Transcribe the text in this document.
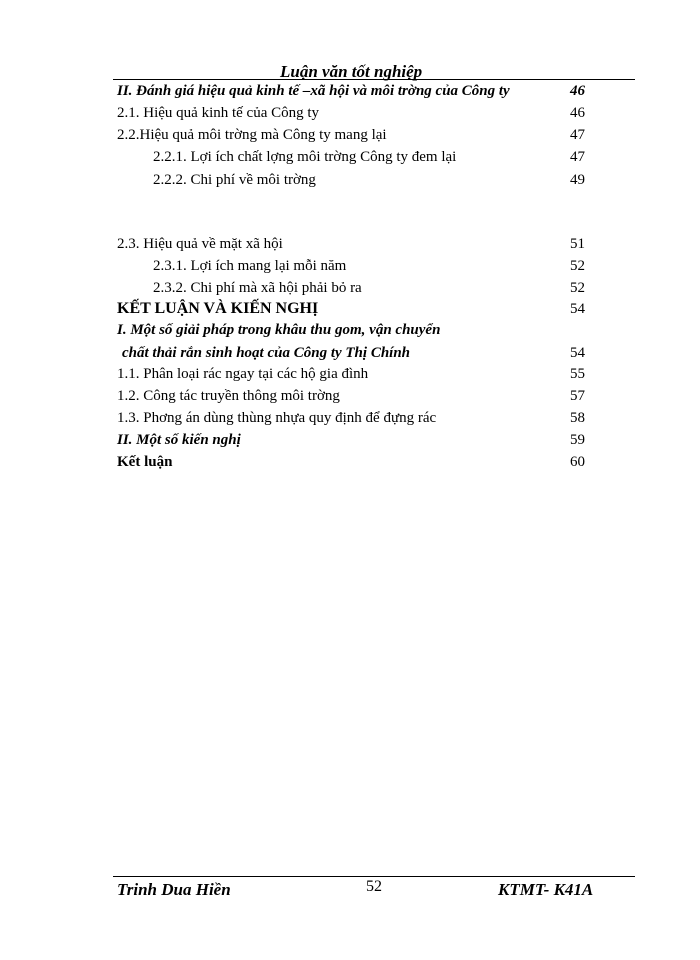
Luận văn tốt nghiệp
II. Đánh giá hiệu quả kinh tế –xã hội và môi trờng của Công ty	46
2.1. Hiệu quả kinh tế của Công ty	46
2.2.Hiệu quả môi trờng mà Công ty mang lại	47
2.2.1. Lợi ích chất lợng môi trờng Công ty đem lại	47
2.2.2. Chi phí về môi trờng	49
2.3. Hiệu quả về mặt xã hội	51
2.3.1. Lợi ích mang lại mỗi năm	52
2.3.2. Chi phí mà xã hội phải bỏ ra	52
KẾT LUẬN VÀ KIẾN NGHỊ	54
I. Một số giải pháp trong khâu thu gom, vận chuyển
chất thải rắn sinh hoạt của Công ty Thị Chính	54
1.1. Phân loại rác ngay tại các hộ gia đình	55
1.2. Công tác truyền thông môi trờng	57
1.3. Phơng án dùng thùng nhựa quy định để đựng rác	58
II. Một số kiến nghị	59
Kết luận	60
Trinh Dua Hiền	52	KTMT- K41A
